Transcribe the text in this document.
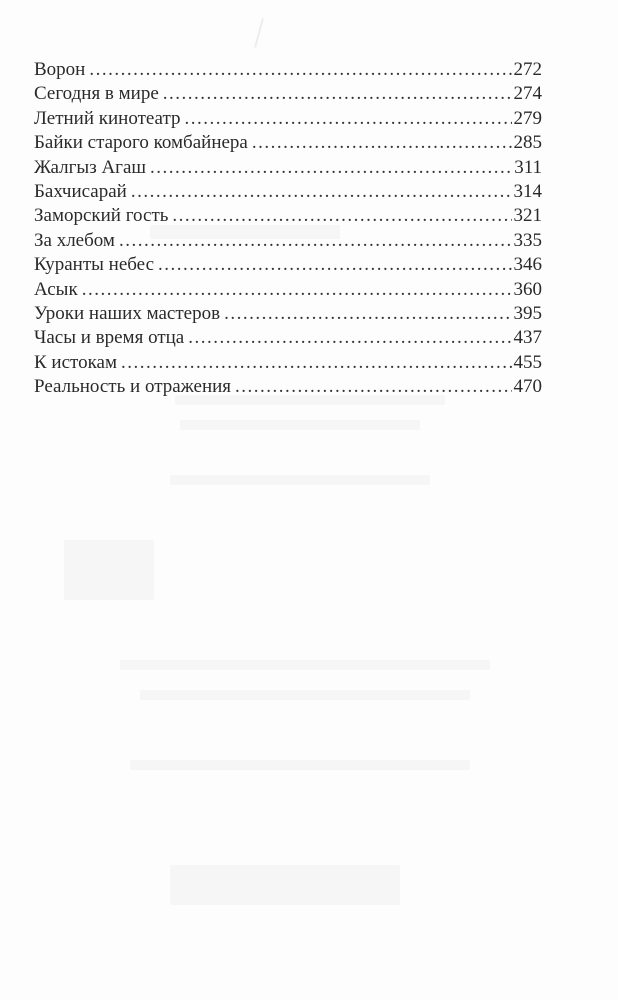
Ворон .....	272
Сегодня в мире .....	274
Летний кинотеатр .....	279
Байки старого комбайнера .....	285
Жалгыз Агаш .....	311
Бахчисарай .....	314
Заморский гость .....	321
За хлебом .....	335
Куранты небес .....	346
Асык .....	360
Уроки наших мастеров .....	395
Часы и время отца .....	437
К истокам .....	455
Реальность и отражения .....	470
